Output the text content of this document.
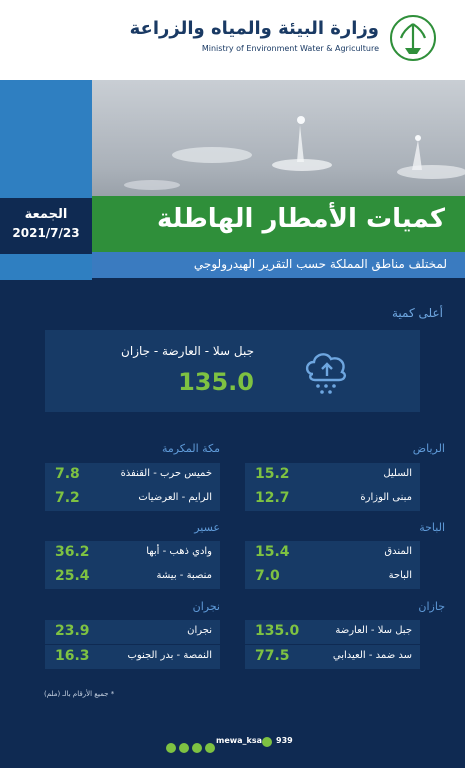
وزارة البيئة والمياه والزراعة
Ministry of Environment Water & Agriculture
الجمعة
2021/7/23	كميات الأمطار الهاطلة
لمختلف مناطق المملكة حسب التقرير الهيدرولوجي
أعلى كمية
جبل سلا - العارضة - جازان
135.0
الرياض
السليل
15.2
مبنى الوزارة
12.7
الباحة
المندق
15.4
الباحة
7.0
جازان
جبل سلا - العارضة
135.0
سد ضمد - العيدابي
77.5
مكة المكرمة
خميس حرب - القنفذة
7.8
الرايم - العرضيات
7.2
عسير
وادي ذهب - أبها
36.2
منصبة - بيشة
25.4
نجران
نجران
23.9
النمصة - بدر الجنوب
16.3
* جميع الأرقام بالـ (ملم)
mewa_ksa 939
